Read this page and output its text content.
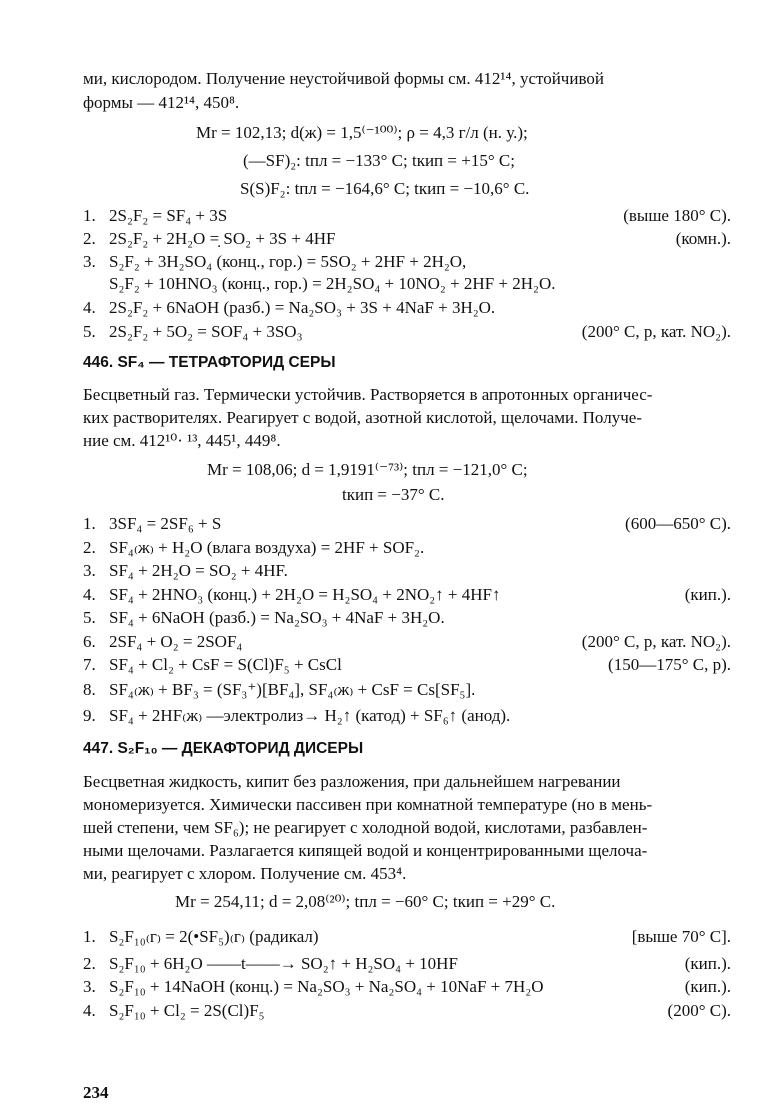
ми, кислородом. Получение неустойчивой формы см. 412¹⁴, устойчивой
формы — 412¹⁴, 450⁸.
Mr = 102,13; d(ж) = 1,5⁽⁻¹⁰⁰⁾; ρ = 4,3 г/л (н. у.);
(—SF)₂: tпл = −133° C; tкип = +15° C;
S(S)F₂: tпл = −164,6° C; tкип = −10,6° C.
1. 2S₂F₂ = SF₄ + 3S	(выше 180° C).
2. 2S₂F₂ + 2H₂O =̣ SO₂ + 3S + 4HF	(комн.).
3. S₂F₂ + 3H₂SO₄ (конц., гор.) = 5SO₂ + 2HF + 2H₂O,
S₂F₂ + 10HNO₃ (конц., гор.) = 2H₂SO₄ + 10NO₂ + 2HF + 2H₂O.
4. 2S₂F₂ + 6NaOH (разб.) = Na₂SO₃ + 3S + 4NaF + 3H₂O.
5. 2S₂F₂ + 5O₂ = SOF₄ + 3SO₃	(200° C, p, кат. NO₂).
446. SF₄ — ТЕТРАФТОРИД СЕРЫ
Бесцветный газ. Термически устойчив. Растворяется в апротонных органичес-
ких растворителях. Реагирует с водой, азотной кислотой, щелочами. Получе-
ние см. 412¹⁰· ¹³, 445¹, 449⁸.
Mr = 108,06; d = 1,9191⁽⁻⁷³⁾; tпл = −121,0° C;
tкип = −37° C.
1. 3SF₄ = 2SF₆ + S	(600—650° C).
2. SF₄₍ж₎ + H₂O (влага воздуха) = 2HF + SOF₂.
3. SF₄ + 2H₂O = SO₂ + 4HF.
4. SF₄ + 2HNO₃ (конц.) + 2H₂O = H₂SO₄ + 2NO₂↑ + 4HF↑	(кип.).
5. SF₄ + 6NaOH (разб.) = Na₂SO₃ + 4NaF + 3H₂O.
6. 2SF₄ + O₂ = 2SOF₄	(200° C, p, кат. NO₂).
7. SF₄ + Cl₂ + CsF = S(Cl)F₅ + CsCl	(150—175° C, p).
8. SF₄₍ж₎ + BF₃ = (SF₃⁺)[BF₄], SF₄₍ж₎ + CsF = Cs[SF₅].
9. SF₄ + 2HF₍ж₎ —электролиз→ H₂↑ (катод) + SF₆↑ (анод).
447. S₂F₁₀ — ДЕКАФТОРИД ДИСЕРЫ
Бесцветная жидкость, кипит без разложения, при дальнейшем нагревании
мономеризуется. Химически пассивен при комнатной температуре (но в мень-
шей степени, чем SF₆); не реагирует с холодной водой, кислотами, разбавлен-
ными щелочами. Разлагается кипящей водой и концентрированными щелоча-
ми, реагирует с хлором. Получение см. 453⁴.
Mr = 254,11; d = 2,08⁽²⁰⁾; tпл = −60° C; tкип = +29° C.
1. S₂F₁₀₍г₎ = 2(•SF₅)₍г₎ (радикал)	[выше 70° C].
2. S₂F₁₀ + 6H₂O ——t——→ SO₂↑ + H₂SO₄ + 10HF	(кип.).
3. S₂F₁₀ + 14NaOH (конц.) = Na₂SO₃ + Na₂SO₄ + 10NaF + 7H₂O	(кип.).
4. S₂F₁₀ + Cl₂ = 2S(Cl)F₅	(200° C).
234
